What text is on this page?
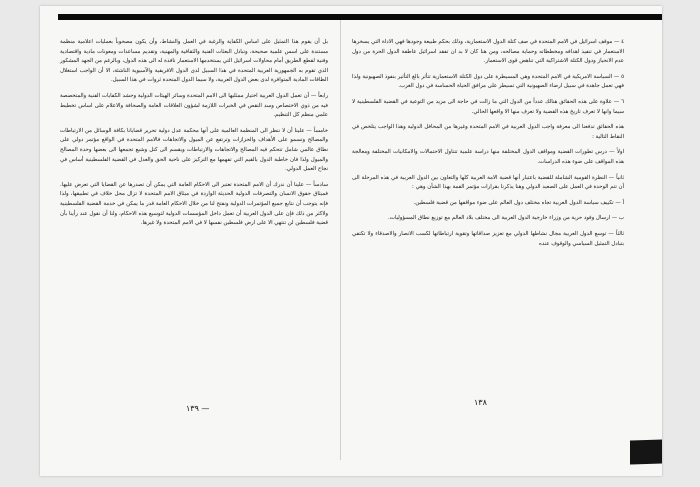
بل أن يقوم هذا التمثيل على اساس الكفاية والرغبة في العمل والنشاط، وأن يكون مصحوباً بعمليات اعلامية منظمة مستندة على اسس علمية صحيحة، وتبادل البعثات الفنية والثقافية والمهنية، وتقديم مساعدات ومعونات مادية واقتصادية وفنية لقطع الطريق أمام محاولات اسرائيل التي يستخدمها الاستعمار نافذة له الى هذه الدول، وبالرغم من الجهد المشكور الذي تقوم به الجمهورية العربية المتحدة في هذا السبيل لدى الدول الافريقية والآسيوية الناشئة، الا أن الواجب استغلال الطاقات المادية المتوافرة لدى بعض الدول العربية، ولا سيما الدول المتحدة ثروات في هذا السبيل.

رابعاً — أن تعمل الدول العربية اختيار ممثليها الى الامم المتحدة وسائر الهيئات الدولية وحشد الكفايات الفنية والمتخصصة فيه من ذوي الاختصاص وسد النقص في الخبرات اللازمة لشؤون العلاقات العامة والصحافة والاعلام على اساس تخطيط علمي منظم كل التنظيم.

خامساً — علينا أن لا ننظر الى المنظمة العالمية على أنها محكمة عدل دولية تحرير قضايانا بكافة الوسائل من الارتباطات والمصالح وتسمو على الأهداف والحزازات وترتفع عن الميول والاتجاهات فالامم المتحدة في الواقع مؤتمر دولي على نطاق عالمي شامل تتحكم فيه المصالح والاتجاهات والارتباطات ويقسم الى كتل وشيع تجمعها الى بعضها وحدة المصالح والميول ولذا فان خاطبة الدول بالقيم التي تفهمها مع التركيز على ناحية الحق والعدل في القضية الفلسطينية أساس في نجاح العمل الدولي.

سادساً — علينا أن ندرك أن الامم المتحدة تعتبر الى الاحكام العامة التي يمكن أن تصدرها عن القضايا التي تعرض عليها. فميثاق حقوق الانسان والتصرفات الدولية الحديثة الواردة في ميثاق الامم المتحدة لا تزال محل خلاف في تطبيقها، ولذا فإنه يتوجب أن نتابع جميع المؤتمرات الدولية ونفتح لنا من خلال الاحكام العامة قدر ما يمكن في خدمة القضية الفلسطينية ولاكثر من ذلك فإن على الدول العربية أن تعمل داخل المؤسسات الدولية لتوسيع هذه الاحكام، ولنا أن نقول عند رأينا بأن قضية فلسطين لن تنتهي الا على ارض فلسطين نفسها لا في الامم المتحدة ولا غيرها.

٤ — موقف اسرائيل في الامم المتحدة في صف كتلة الدول الاستعمارية، وذلك بحكم طبيعة وجودها فهي الاداة التي يسخرها الاستعمار في تنفيذ اهدافه ومخططاته وحماية مصالحه، ومن هنا كان لا بد ان تفقد اسرائيل عاطفة الدول الحرة من دول عدم الانحياز ودول الكتلة الاشتراكية التي تناهض قوى الاستعمار.

٥ — السياسة الامريكية في الامم المتحدة وهي المسيطرة على دول الكتلة الاستعمارية تتأثر بالغ التأثير بنفوذ الصهيونية ولذا فهي تعمل جاهدة في سبيل ارضاء الصهيونية التي تسيطر على مرافق الحياة الحساسة في دول الغرب.

٦ — علاوة على هذه الحقائق هنالك عدداً من الدول التي ما زالت في حاجة الى مزيد من التوعية في القضية الفلسطينية لا سيما وانها لا تعرف تاريخ هذه القضية ولا تعرف منها الا واقعها الحالي.

هذه الحقائق تدفعنا الى معرفة واجب الدول العربية في الامم المتحدة وغيرها من المحافل الدولية وهذا الواجب يتلخص في النقاط التالية :

اولاً — درس تطورات القضية ومواقف الدول المختلفة منها دراسة علمية تتناول الاحتمالات والامكانيات المختلفة ومعالجة هذه المواقف على ضوء هذه الدراسات.

ثانياً — النظرة القومية الشاملة للقضية باعتبار أنها قضية الامة العربية كلها والتعاون بين الدول العربية في هذه المرحلة الى أن تتم الوحدة في العمل على الصعيد الدولي وهنا يذكرنا بقرارات مؤتمر القمة بهذا الشأن وهي :

أ — تكييف سياسة الدول العربية تجاه مختلف دول العالم على ضوء مواقفها من قضية فلسطين.

ب — ارسال وفود حرية من وزراء خارجية الدول العربية الى مختلف بلاد العالم مع توزيع نطاق المسؤوليات.

ثالثاً — توسع الدول العربية مجال نشاطها الدولي مع تعزيز صداقاتها وتقوية ارتباطاتها لكسب الانصار والاصدقاء ولا تكتفي بتبادل التمثيل السياسي والوقوف عنده

١٣٩ —
١٣٨
